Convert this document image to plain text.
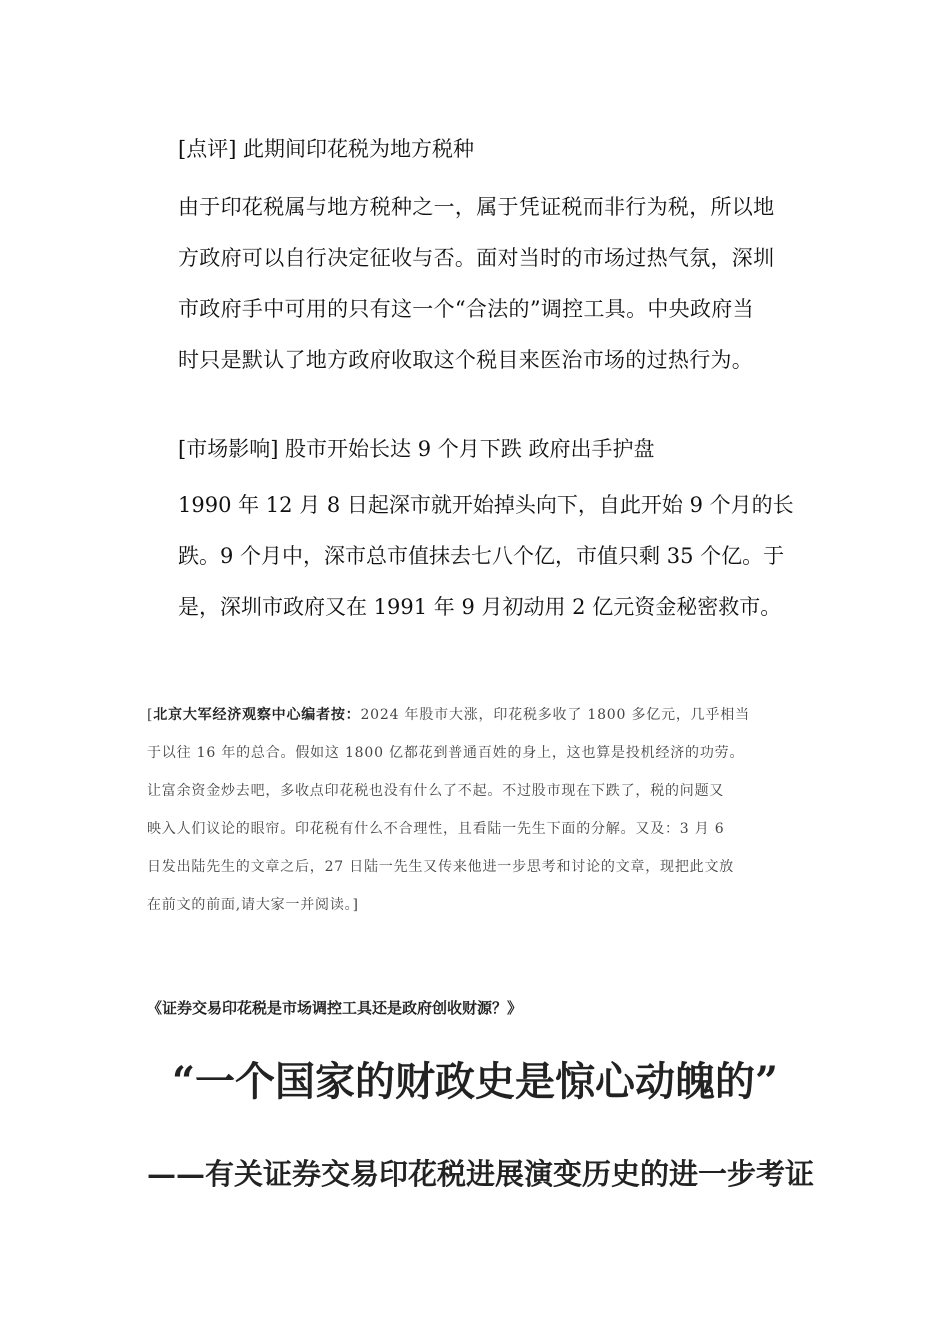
[点评] 此期间印花税为地方税种
由于印花税属与地方税种之一，属于凭证税而非行为税，所以地
方政府可以自行决定征收与否。面对当时的市场过热气氛，深圳
市政府手中可用的只有这一个“合法的”调控工具。中央政府当
时只是默认了地方政府收取这个税目来医治市场的过热行为。
[市场影响] 股市开始长达 9 个月下跌 政府出手护盘
1990 年 12 月 8 日起深市就开始掉头向下，自此开始 9 个月的长
跌。9 个月中，深市总市值抹去七八个亿，市值只剩 35 个亿。于
是，深圳市政府又在 1991 年 9 月初动用 2 亿元资金秘密救市。
[北京大军经济观察中心编者按：2024 年股市大涨，印花税多收了 1800 多亿元，几乎相当
于以往 16 年的总合。假如这 1800 亿都花到普通百姓的身上，这也算是投机经济的功劳。
让富余资金炒去吧，多收点印花税也没有什么了不起。不过股市现在下跌了，税的问题又
映入人们议论的眼帘。印花税有什么不合理性，且看陆一先生下面的分解。又及：3 月 6
日发出陆先生的文章之后，27 日陆一先生又传来他进一步思考和讨论的文章，现把此文放
在前文的前面,请大家一并阅读。]
《证券交易印花税是市场调控工具还是政府创收财源？》
“一个国家的财政史是惊心动魄的”
——有关证券交易印花税进展演变历史的进一步考证
